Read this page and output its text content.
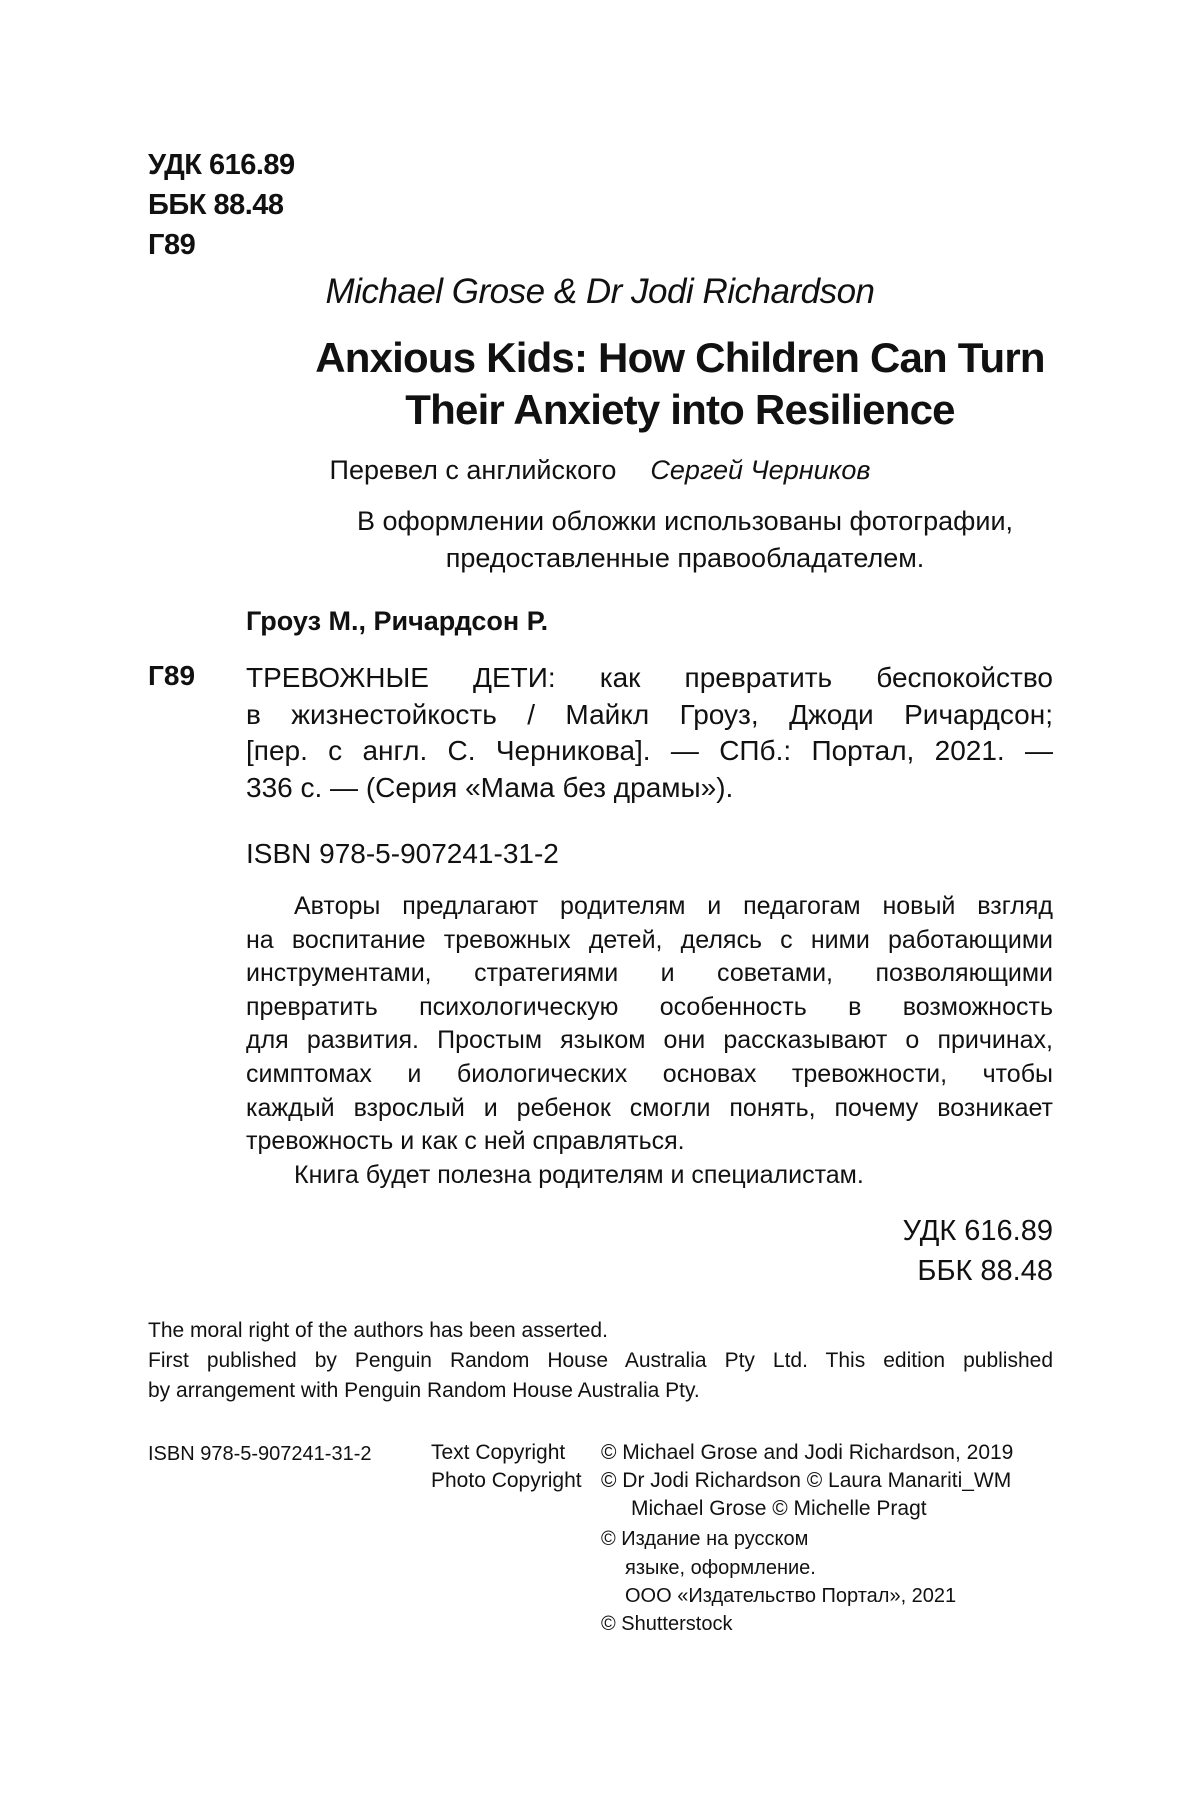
УДК 616.89
ББК 88.48
Г89
Michael Grose & Dr Jodi Richardson
Anxious Kids: How Children Can Turn
Their Anxiety into Resilience
Перевел с английского Сергей Черников
В оформлении обложки использованы фотографии,
предоставленные правообладателем.
Гроуз М., Ричардсон Р.
Г89 ТРЕВОЖНЫЕ ДЕТИ: как превратить беспокойство
в жизнестойкость / Майкл Гроуз, Джоди Ричардсон;
[пер. с англ. С. Черникова]. — СПб.: Портал, 2021. —
336 с. — (Серия «Мама без драмы»).
ISBN 978-5-907241-31-2
Авторы предлагают родителям и педагогам новый взгляд
на воспитание тревожных детей, делясь с ними работающими
инструментами, стратегиями и советами, позволяющими
превратить психологическую особенность в возможность
для развития. Простым языком они рассказывают о причинах,
симптомах и биологических основах тревожности, чтобы
каждый взрослый и ребенок смогли понять, почему возникает
тревожность и как с ней справляться.
Книга будет полезна родителям и специалистам.
УДК 616.89
ББК 88.48
The moral right of the authors has been asserted.
First published by Penguin Random House Australia Pty Ltd. This edition published
by arrangement with Penguin Random House Australia Pty.
ISBN 978-5-907241-31-2	Text Copyright © Michael Grose and Jodi Richardson, 2019
Photo Copyright © Dr Jodi Richardson © Laura Manariti_WM
Michael Grose © Michelle Pragt
© Издание на русском
языке, оформление.
ООО «Издательство Портал», 2021
© Shutterstock
